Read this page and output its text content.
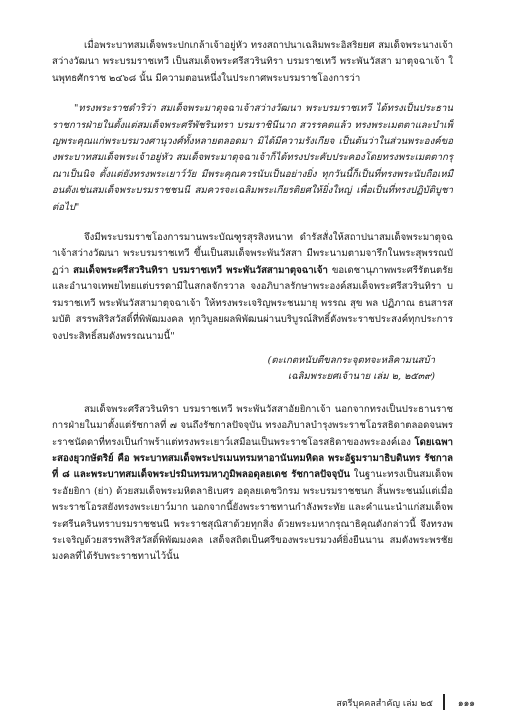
เมื่อพระบาทสมเด็จพระปกเกล้าเจ้าอยู่หัว ทรงสถาปนาเฉลิมพระอิสริยยศ สมเด็จพระนางเจ้าสว่างวัฒนา พระบรมราชเทวี เป็นสมเด็จพระศรีสวรินทิรา บรมราชเทวี พระพันวัสสา มาตุจฉาเจ้า ในพุทธศักราช ๒๔๖๘ นั้น มีความตอนหนึ่งในประกาศพระบรมราชโองการว่า

"ทรงพระราชดำริว่า สมเด็จพระมาตุจฉาเจ้าสว่างวัฒนา พระบรมราชเทวี ได้ทรงเป็นประธานราชการฝ่ายในตั้งแต่สมเด็จพระศรีพัชรินทรา บรมราชินีนาถ สวรรคตแล้ว ทรงพระเมตตาและบำเพ็ญพระคุณแก่พระบรมวงศานุวงศ์ทั้งหลายตลอดมา มิได้มีความรังเกียจ เป็นต้นว่าในส่วนพระองค์ของพระบาทสมเด็จพระเจ้าอยู่หัว สมเด็จพระมาตุจฉาเจ้าก็ได้ทรงประคับประคองโดยทรงพระเมตตากรุณาเป็นนิจ ตั้งแต่ยังทรงพระเยาว์วัย มีพระคุณควรนับเป็นอย่างยิ่ง ทุกวันนี้ก็เป็นที่ทรงพระนับถือเหมือนดังเช่นสมเด็จพระบรมราชชนนี สมควรจะเฉลิมพระเกียรติยศให้ยิ่งใหญ่ เพื่อเป็นที่ทรงปฏิบัติบูชาต่อไป"

จึงมีพระบรมราชโองการมานพระบัณฑูรสุรสิงหนาท ดำรัสสั่งให้สถาปนาสมเด็จพระมาตุจฉาเจ้าสว่างวัฒนา พระบรมราชเทวี ขึ้นเป็นสมเด็จพระพันวัสสา มีพระนามตามจารึกในพระสุพรรณบัฏว่า สมเด็จพระศรีสวรินทิรา บรมราชเทวี พระพันวัสสามาตุจฉาเจ้า ขอเดชานุภาพพระศรีรัตนตรัย และอำนาจเทพยไทยแต่บรรดามีในสกลจักรวาล จงอภิบาลรักษาพระองค์สมเด็จพระศรีสวรินทิรา บรมราชเทวี พระพันวัสสามาตุจฉาเจ้า ให้ทรงพระเจริญพระชนมายุ พรรณ สุข พล ปฏิภาณ ธนสารสมบัติ สรรพสิริสวัสดิ์ที่พิพัฒมงคล ทุกวิบูลยผลพิพัฒนผ่านบริบูรณ์สิทธิ์ดังพระราชประสงค์ทุกประการ จงประสิทธิ์สมดังพรรณนามนี้"

(ตะเกตหนับตีขลกระจุตทจะหลิคามนสบ้า
เฉลิมพระยศเจ้านาย เล่ม ๒, ๒๕๓๙)

สมเด็จพระศรีสวรินทิรา บรมราชเทวี พระพันวัสสาอัยยิกาเจ้า นอกจากทรงเป็นประธานราชการฝ่ายในมาตั้งแต่รัชกาลที่ ๗ จนถึงรัชกาลปัจจุบัน ทรงอภิบาลบำรุงพระราชโอรสธิดาตลอดจนพระราชนัดดาที่ทรงเป็นกำพร้าแต่ทรงพระเยาว์เสมือนเป็นพระราชโอรสธิดาของพระองค์เอง โดยเฉพาะสองยุวกษัตริย์ คือ พระบาทสมเด็จพระปรเมนทรมหาอานันทมหิดล พระอัฐมรามาธิบดินทร รัชกาลที่ ๘ และพระบาทสมเด็จพระปรมินทรมหาภูมิพลอดุลยเดช รัชกาลปัจจุบัน ในฐานะทรงเป็นสมเด็จพระอัยยิกา (ย่า) ด้วยสมเด็จพระมหิตลาธิเบศร อดุลยเดชวิกรม พระบรมราชชนก สิ้นพระชนม์แต่เมื่อพระราชโอรสยังทรงพระเยาว์มาก นอกจากนี้ยังพระราชทานกำลังพระทัย และคำแนะนำแก่สมเด็จพระศรีนครินทราบรมราชชนนี พระราชสุณิสาด้วยทุกสิ่ง ด้วยพระมหากรุณาธิคุณดังกล่าวนี้ จึงทรงพระเจริญด้วยสรรพสิริสวัสดิ์พิพัฒมงคล เสด็จสถิตเป็นศรีของพระบรมวงศ์ยิ่งยืนนาน สมดังพระพรชัยมงคลที่ได้รับพระราชทานไว้นั้น

สตรีบุคคลสำคัญ เล่ม ๒๕	๑๑๑
